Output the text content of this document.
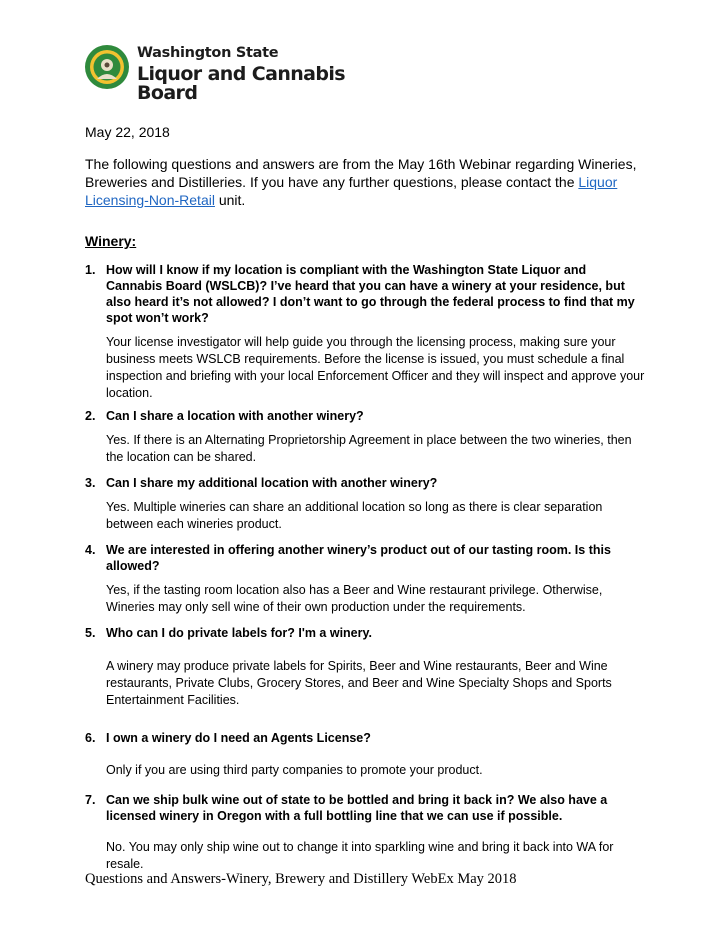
Washington State
Liquor and Cannabis Board
May 22, 2018
The following questions and answers are from the May 16th Webinar regarding Wineries, Breweries and Distilleries. If you have any further questions, please contact the Liquor Licensing-Non-Retail unit.
Winery:
1. How will I know if my location is compliant with the Washington State Liquor and Cannabis Board (WSLCB)? I’ve heard that you can have a winery at your residence, but also heard it’s not allowed? I don’t want to go through the federal process to find that my spot won’t work?
Your license investigator will help guide you through the licensing process, making sure your business meets WSLCB requirements. Before the license is issued, you must schedule a final inspection and briefing with your local Enforcement Officer and they will inspect and approve your location.
2. Can I share a location with another winery?
Yes. If there is an Alternating Proprietorship Agreement in place between the two wineries, then the location can be shared.
3. Can I share my additional location with another winery?
Yes. Multiple wineries can share an additional location so long as there is clear separation between each wineries product.
4. We are interested in offering another winery’s product out of our tasting room. Is this allowed?
Yes, if the tasting room location also has a Beer and Wine restaurant privilege. Otherwise, Wineries may only sell wine of their own production under the requirements.
5. Who can I do private labels for? I'm a winery.
A winery may produce private labels for Spirits, Beer and Wine restaurants, Beer and Wine restaurants, Private Clubs, Grocery Stores, and Beer and Wine Specialty Shops and Sports Entertainment Facilities.
6. I own a winery do I need an Agents License?
Only if you are using third party companies to promote your product.
7. Can we ship bulk wine out of state to be bottled and bring it back in? We also have a licensed winery in Oregon with a full bottling line that we can use if possible.
No. You may only ship wine out to change it into sparkling wine and bring it back into WA for resale.
Questions and Answers-Winery, Brewery and Distillery WebEx May 2018
